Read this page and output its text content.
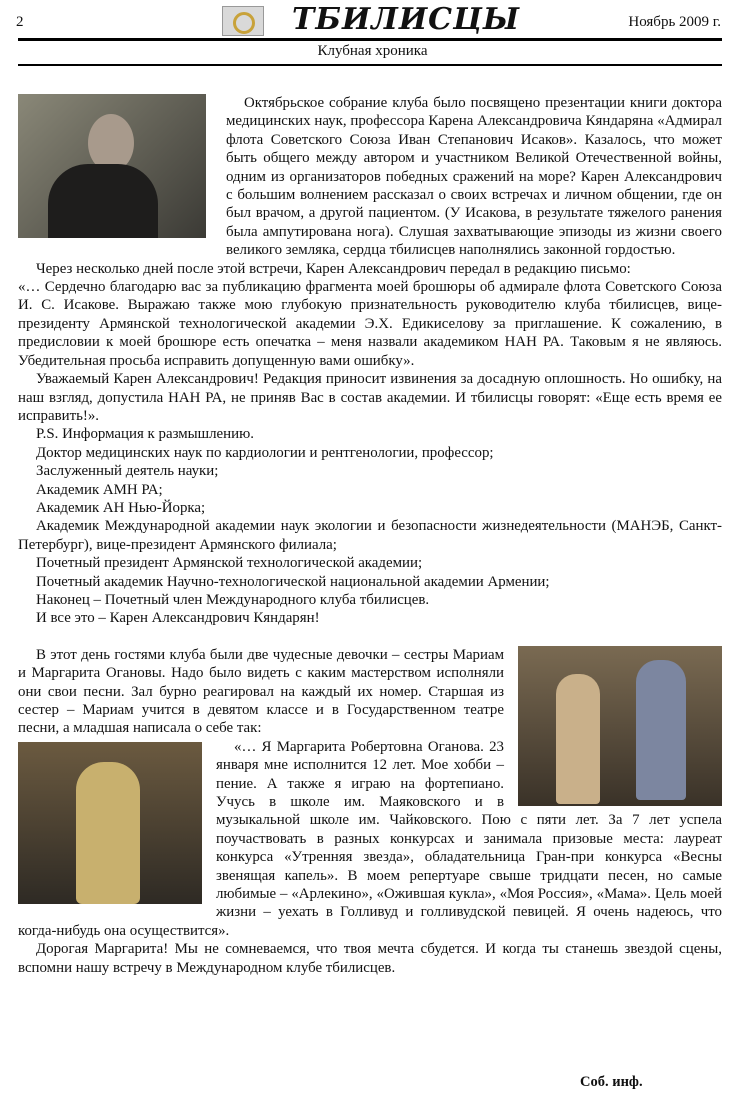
2	ТБИЛИСЦЫ	Ноябрь 2009 г.
Клубная хроника

Октябрьское собрание клуба было посвящено презентации книги доктора медицинских наук, профессора Карена Александровича Кяндаряна «Адмирал флота Советского Союза Иван Степанович Исаков». Казалось, что может быть общего между автором и участником Великой Отечественной войны, одним из организаторов победных сражений на море? Карен Александрович с большим волнением рассказал о своих встречах и личном общении, где он был врачом, а другой пациентом. (У Исакова, в результате тяжелого ранения была ампутирована нога). Слушая захватывающие эпизоды из жизни своего великого земляка, сердца тбилисцев наполнялись законной гордостью.

Через несколько дней после этой встречи, Карен Александрович передал в редакцию письмо:

«… Сердечно благодарю вас за публикацию фрагмента моей брошюры об адмирале флота Советского Союза И. С. Исакове. Выражаю также мою глубокую признательность руководителю клуба тбилисцев, вице-президенту Армянской технологической академии Э.Х. Едикиселову за приглашение. К сожалению, в предисловии к моей брошюре есть опечатка – меня назвали академиком НАН РА. Таковым я не являюсь. Убедительная просьба исправить допущенную вами ошибку».

Уважаемый Карен Александрович! Редакция приносит извинения за досадную оплошность. Но ошибку, на наш взгляд, допустила НАН РА, не приняв Вас в состав академии. И тбилисцы говорят: «Еще есть время ее исправить!».

P.S. Информация к размышлению.

Доктор медицинских наук по кардиологии и рентгенологии, профессор;

Заслуженный деятель науки;

Академик АМН РА;

Академик АН Нью-Йорка;

Академик Международной академии наук экологии и безопасности жизнедеятельности (МАНЭБ, Санкт-Петербург), вице-президент Армянского филиала;

Почетный президент Армянской технологической академии;

Почетный академик Научно-технологической национальной академии Армении;

Наконец – Почетный член Международного клуба тбилисцев.

И все это – Карен Александрович Кяндарян!

В этот день гостями клуба были две чудесные девочки – сестры Мариам и Маргарита Огановы. Надо было видеть с каким мастерством исполняли они свои песни. Зал бурно реагировал на каждый их номер. Старшая из сестер – Мариам учится в девятом классе и в Государственном театре песни, а младшая написала о себе так:

«… Я Маргарита Робертовна Оганова. 23 января мне исполнится 12 лет. Мое хобби – пение. А также я играю на фортепиано. Учусь в школе им. Маяковского и в музыкальной школе им. Чайковского. Пою с пяти лет. За 7 лет успела поучаствовать в разных конкурсах и занимала призовые места: лауреат конкурса «Утренняя звезда», обладательница Гран-при конкурса «Весны звенящая капель». В моем репертуаре свыше тридцати песен, но самые любимые – «Арлекино», «Ожившая кукла», «Моя Россия», «Мама». Цель моей жизни – уехать в Голливуд и голливудской певицей. Я очень надеюсь, что когда-нибудь она осуществится».

Дорогая Маргарита! Мы не сомневаемся, что твоя мечта сбудется. И когда ты станешь звездой сцены, вспомни нашу встречу в Международном клубе тбилисцев.

Соб. инф.
